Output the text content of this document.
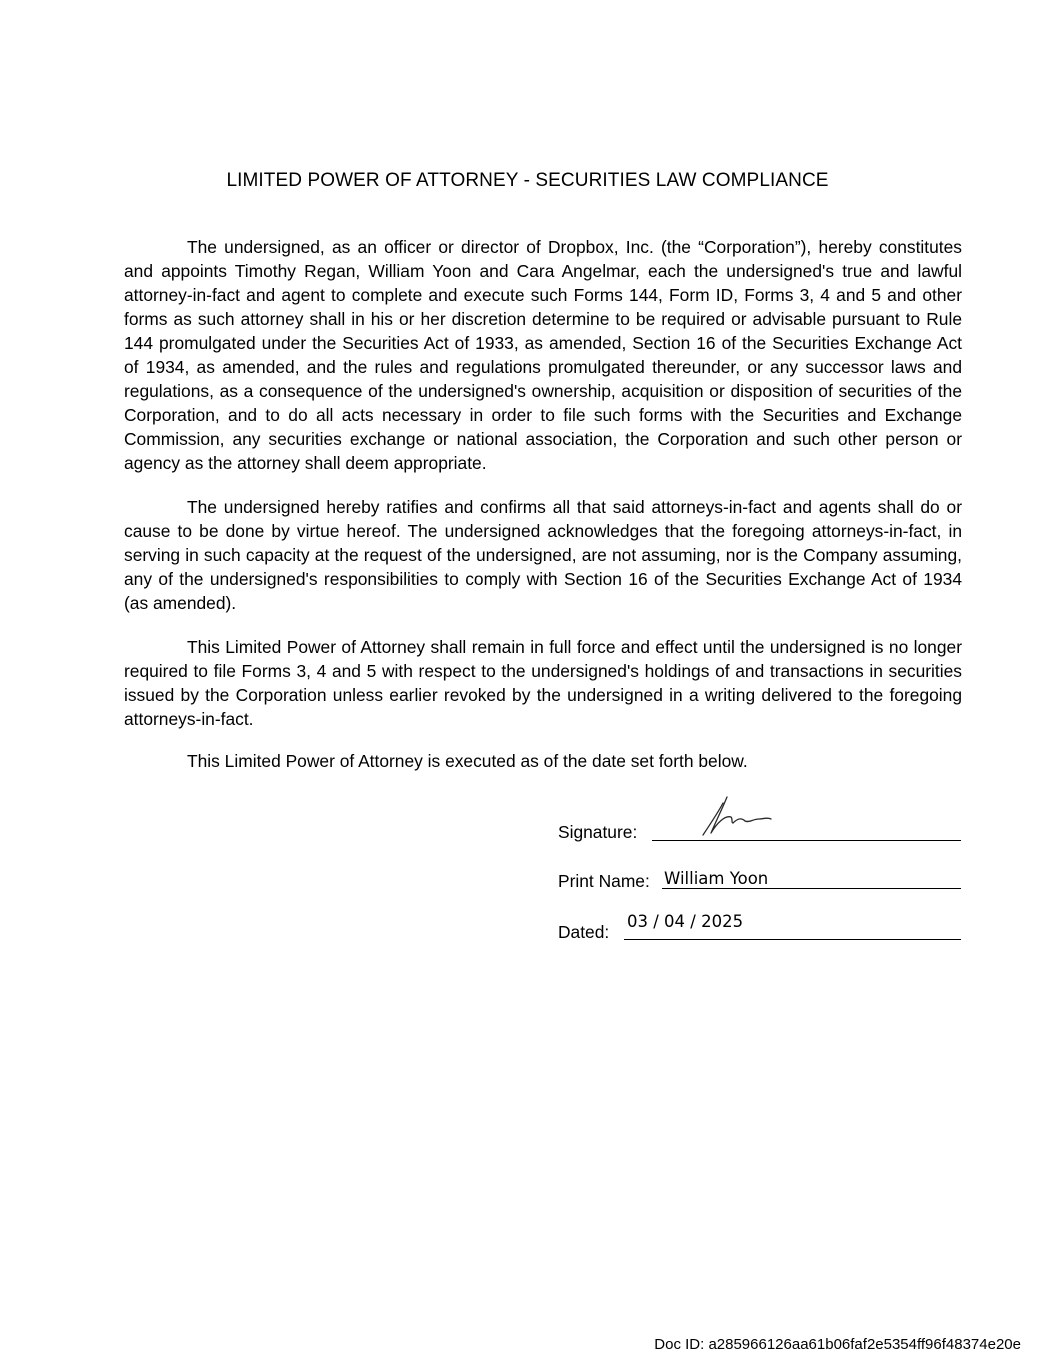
LIMITED POWER OF ATTORNEY - SECURITIES LAW COMPLIANCE

The undersigned, as an officer or director of Dropbox, Inc. (the “Corporation”), hereby constitutes and appoints Timothy Regan, William Yoon and Cara Angelmar, each the undersigned's true and lawful attorney-in-fact and agent to complete and execute such Forms 144, Form ID, Forms 3, 4 and 5 and other forms as such attorney shall in his or her discretion determine to be required or advisable pursuant to Rule 144 promulgated under the Securities Act of 1933, as amended, Section 16 of the Securities Exchange Act of 1934, as amended, and the rules and regulations promulgated thereunder, or any successor laws and regulations, as a consequence of the undersigned's ownership, acquisition or disposition of securities of the Corporation, and to do all acts necessary in order to file such forms with the Securities and Exchange Commission, any securities exchange or national association, the Corporation and such other person or agency as the attorney shall deem appropriate.

The undersigned hereby ratifies and confirms all that said attorneys-in-fact and agents shall do or cause to be done by virtue hereof. The undersigned acknowledges that the foregoing attorneys-in-fact, in serving in such capacity at the request of the undersigned, are not assuming, nor is the Company assuming, any of the undersigned's responsibilities to comply with Section 16 of the Securities Exchange Act of 1934 (as amended).

This Limited Power of Attorney shall remain in full force and effect until the undersigned is no longer required to file Forms 3, 4 and 5 with respect to the undersigned's holdings of and transactions in securities issued by the Corporation unless earlier revoked by the undersigned in a writing delivered to the foregoing attorneys-in-fact.

This Limited Power of Attorney is executed as of the date set forth below.

Signature:
Print Name: William Yoon
Dated:
03 / 04 / 2025
Doc ID: a285966126aa61b06faf2e5354ff96f48374e20e
